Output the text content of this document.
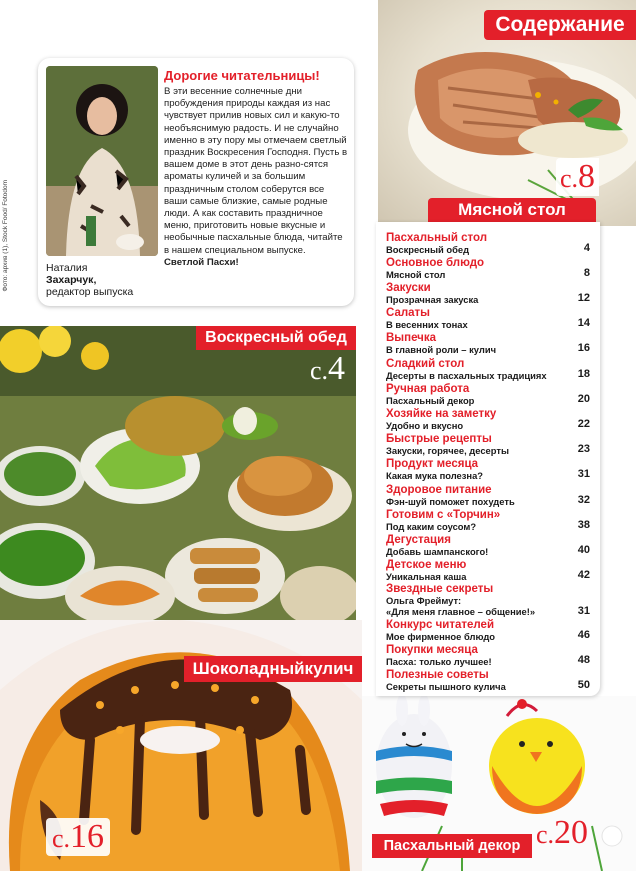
Содержание
с.8
Мясной стол
Фото: архив (1), Stock Food/ Fotodom	Наталия
Захарчук,
редактор выпуска
Дорогие читательницы!
В эти весенние солнечные дни пробуждения природы каждая из нас чувствует прилив новых сил и какую-то необъяснимую радость. И не случайно именно в эту пору мы отмечаем светлый праздник Воскресения Господня. Пусть в вашем доме в этот день разно-сятся ароматы куличей и за большим праздничным столом соберутся все ваши самые близкие, самые родные люди. А как составить праздничное меню, приготовить новые вкусные и необычные пасхальные блюда, читайте в нашем специальном выпуске. Светлой Пасхи!
Воскресный обед
с.4
Шоколадныйкулич
с.16	Пасхальный декор с.20
Пасхальный стол
Воскресный обед	4
Основное блюдо
Мясной стол	8
Закуски
Прозрачная закуска	12
Салаты
В весенних тонах	14
Выпечка
В главной роли – кулич	16
Сладкий стол
Десерты в пасхальных традициях	18
Ручная работа
Пасхальный декор	20
Хозяйке на заметку
Удобно и вкусно	22
Быстрые рецепты
Закуски, горячее, десерты	23
Продукт месяца
Какая мука полезна?	31
Здоровое питание
Фэн-шуй поможет похудеть	32
Готовим с «Торчин»
Под каким соусом?	38
Дегустация
Добавь шампанского!	40
Детское меню
Уникальная каша	42
Звездные секреты
Ольга Фреймут:
«Для меня главное – общение!»	31
Конкурс читателей
Мое фирменное блюдо	46
Покупки месяца
Пасха: только лучшее!	48
Полезные советы
Секреты пышного кулича	50
